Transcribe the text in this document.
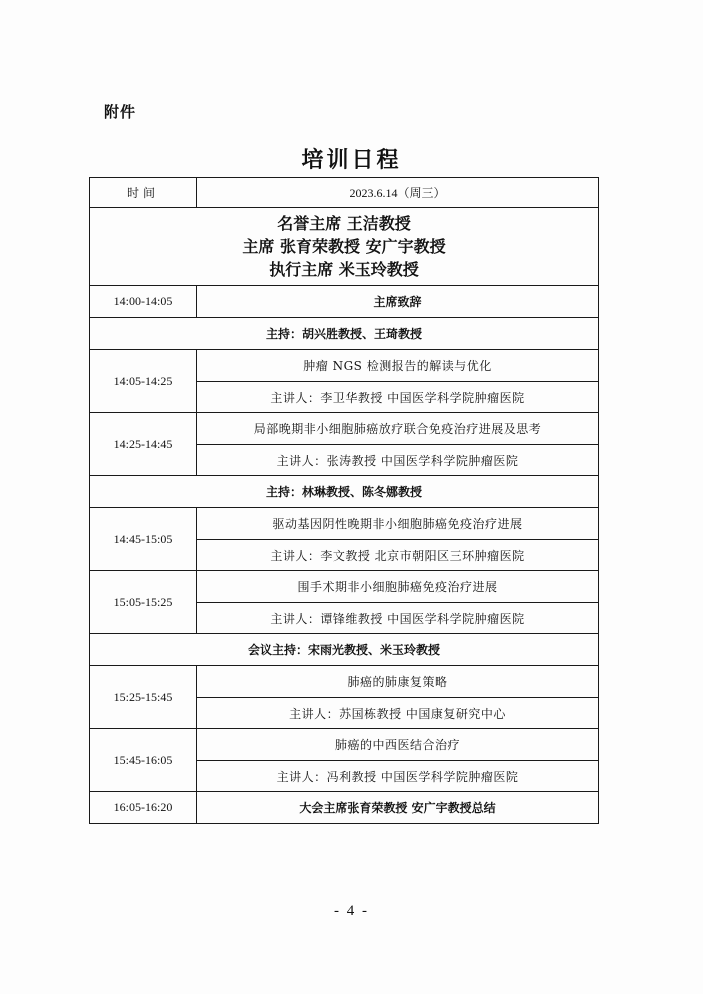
附件
培训日程
时间	2023.6.14（周三）

名誉主席 王洁教授
主席 张育荣教授 安广宇教授
执行主席 米玉玲教授	

14:00-14:05	主席致辞
主持：胡兴胜教授、王琦教授	
14:05-14:25	肿瘤 NGS 检测报告的解读与优化
	主讲人：李卫华教授 中国医学科学院肿瘤医院
14:25-14:45	局部晚期非小细胞肺癌放疗联合免疫治疗进展及思考
	主讲人：张涛教授 中国医学科学院肿瘤医院
主持：林琳教授、陈冬娜教授	
14:45-15:05	驱动基因阴性晚期非小细胞肺癌免疫治疗进展
	主讲人：李文教授 北京市朝阳区三环肿瘤医院
15:05-15:25	围手术期非小细胞肺癌免疫治疗进展
	主讲人：谭锋维教授 中国医学科学院肿瘤医院
会议主持：宋雨光教授、米玉玲教授	
15:25-15:45	肺癌的肺康复策略
	主讲人：苏国栋教授 中国康复研究中心
15:45-16:05	肺癌的中西医结合治疗
	主讲人：冯利教授 中国医学科学院肿瘤医院
16:05-16:20	大会主席张育荣教授 安广宇教授总结
- 4 -
